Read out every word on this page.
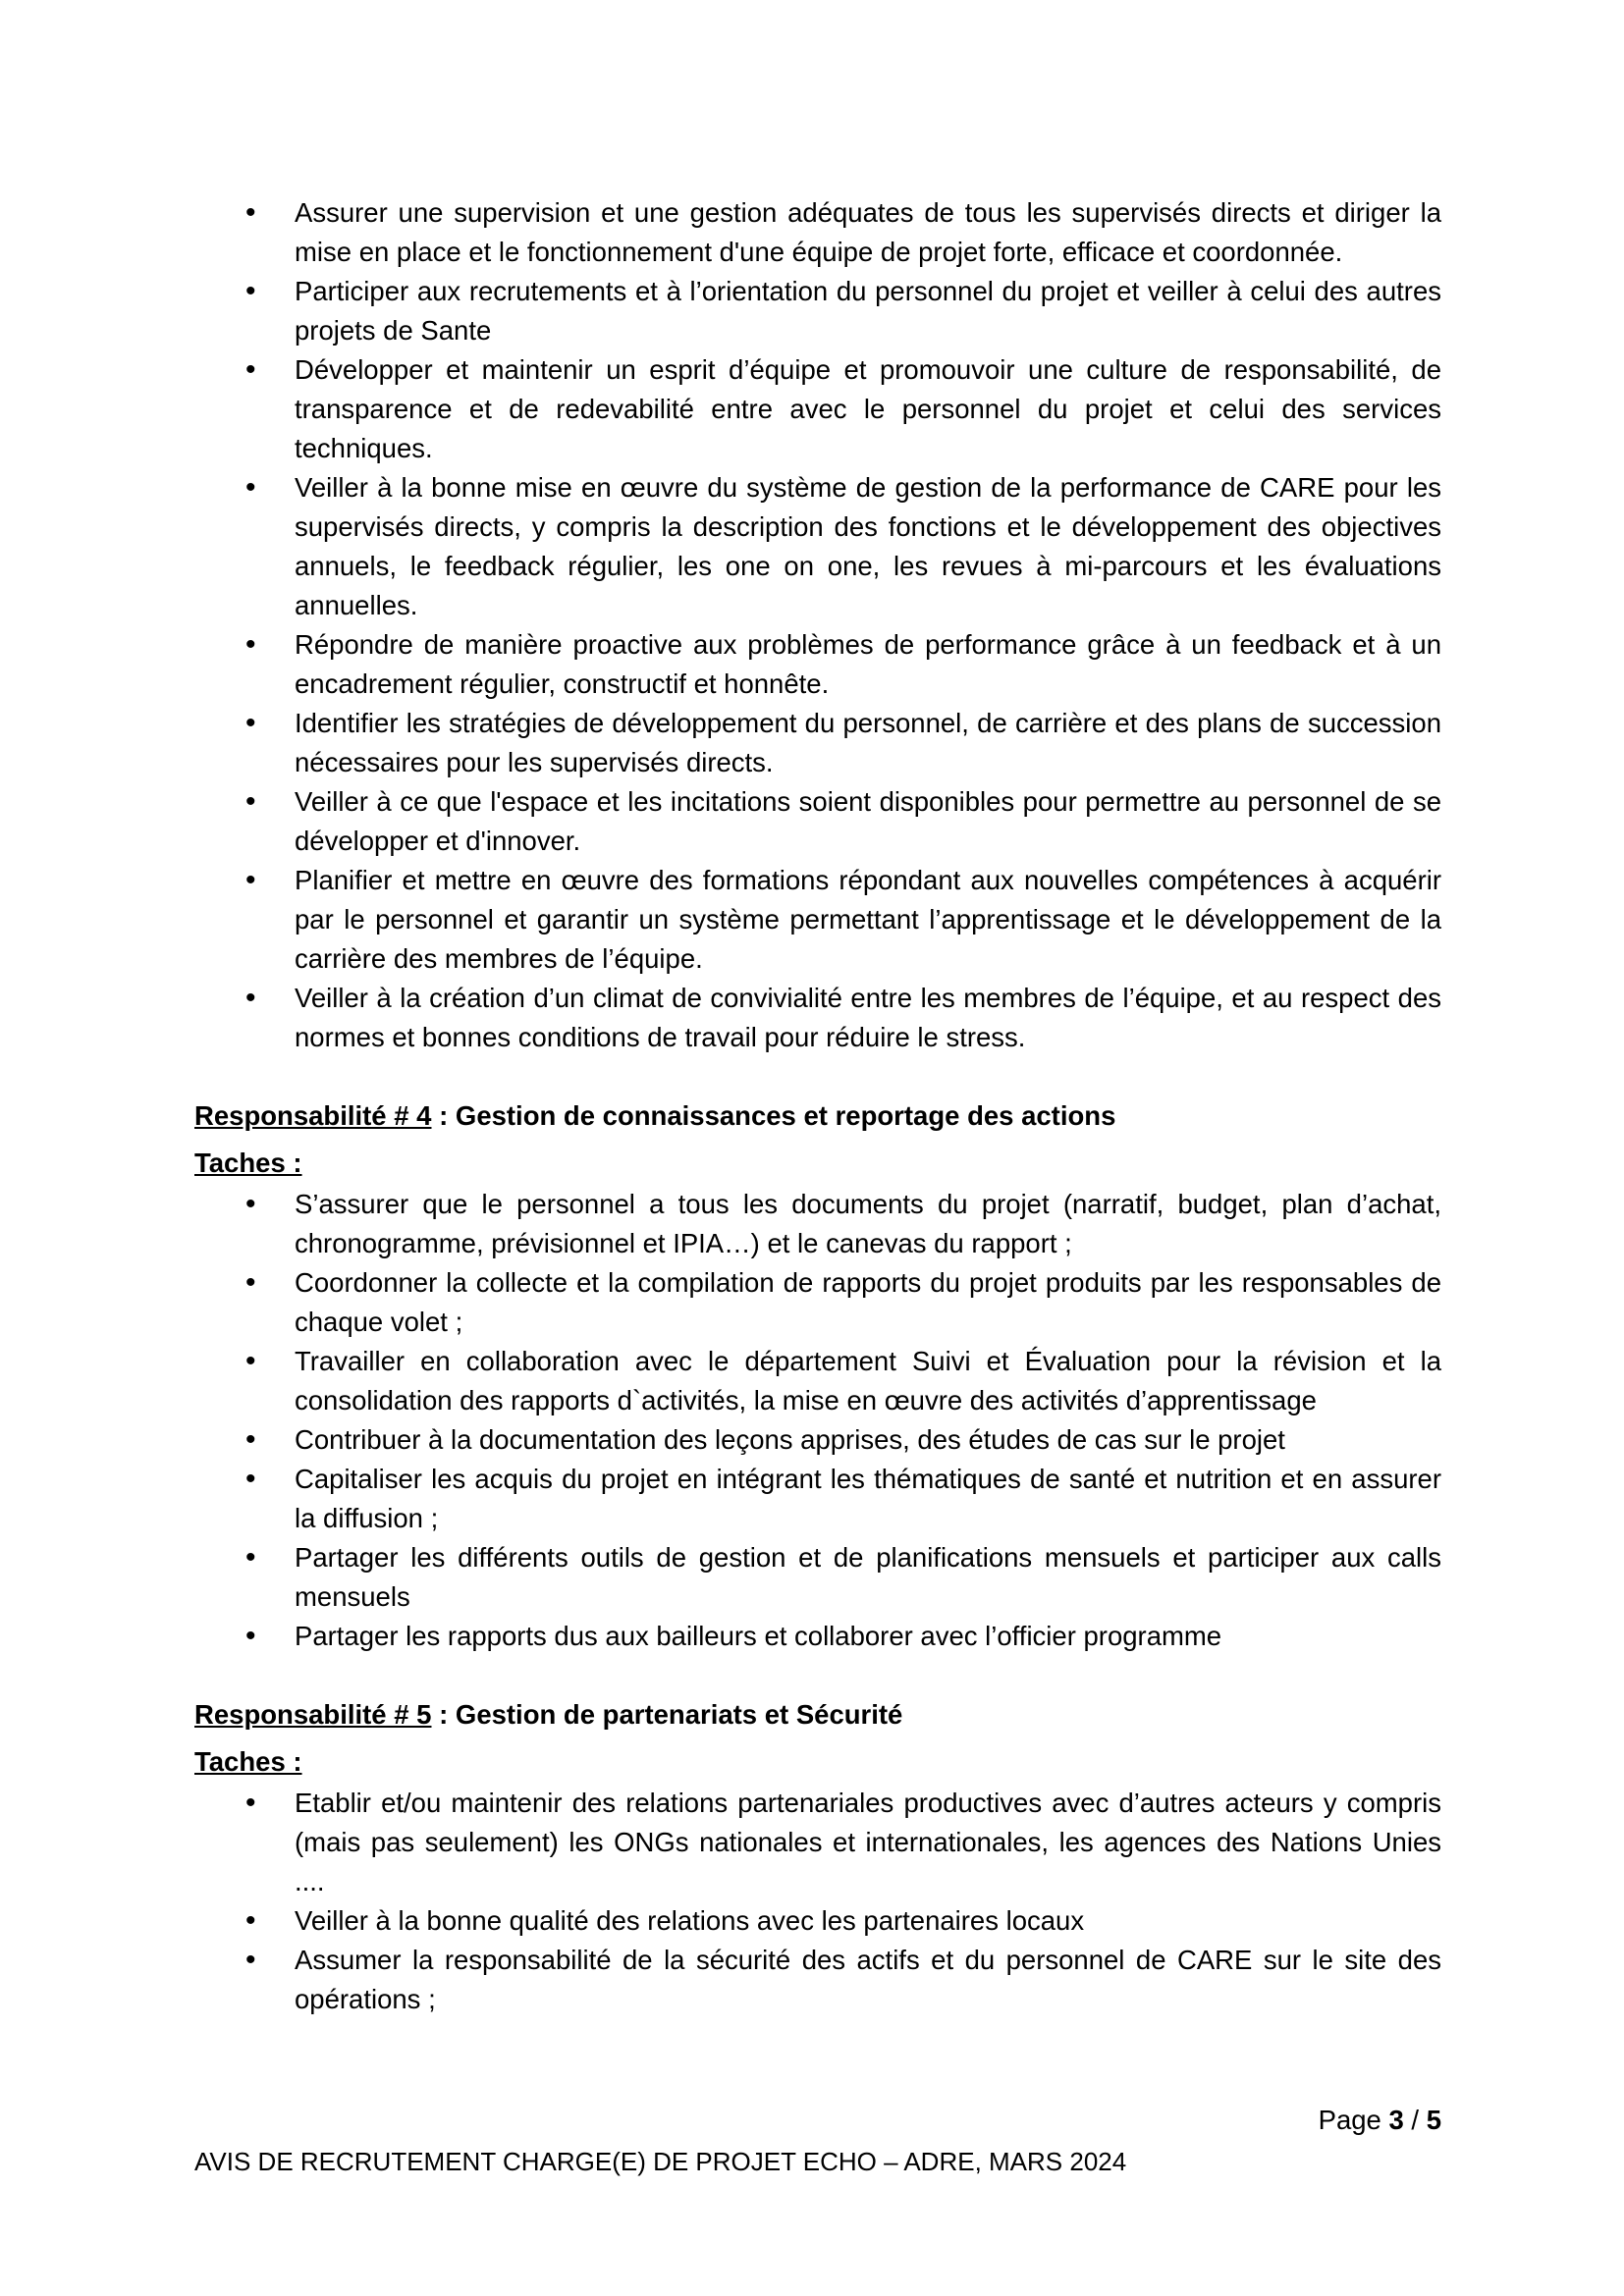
• Assurer une supervision et une gestion adéquates de tous les supervisés directs et diriger la mise en place et le fonctionnement d'une équipe de projet forte, efficace et coordonnée.
• Participer aux recrutements et à l’orientation du personnel du projet et veiller à celui des autres projets de Sante
• Développer et maintenir un esprit d’équipe et promouvoir une culture de responsabilité, de transparence et de redevabilité entre avec le personnel du projet et celui des services techniques.
• Veiller à la bonne mise en œuvre du système de gestion de la performance de CARE pour les supervisés directs, y compris la description des fonctions et le développement des objectives annuels, le feedback régulier, les one on one, les revues à mi-parcours et les évaluations annuelles.
• Répondre de manière proactive aux problèmes de performance grâce à un feedback et à un encadrement régulier, constructif et honnête.
• Identifier les stratégies de développement du personnel, de carrière et des plans de succession nécessaires pour les supervisés directs.
• Veiller à ce que l'espace et les incitations soient disponibles pour permettre au personnel de se développer et d'innover.
• Planifier et mettre en œuvre des formations répondant aux nouvelles compétences à acquérir par le personnel et garantir un système permettant l’apprentissage et le développement de la carrière des membres de l’équipe.
• Veiller à la création d’un climat de convivialité entre les membres de l’équipe, et au respect des normes et bonnes conditions de travail pour réduire le stress.

Responsabilité # 4 : Gestion de connaissances et reportage des actions

Taches :

• S’assurer que le personnel a tous les documents du projet (narratif, budget, plan d’achat, chronogramme, prévisionnel et IPIA…) et le canevas du rapport ;
• Coordonner la collecte et la compilation de rapports du projet produits par les responsables de chaque volet ;
• Travailler en collaboration avec le département Suivi et Évaluation pour la révision et la consolidation des rapports d`activités, la mise en œuvre des activités d’apprentissage
• Contribuer à la documentation des leçons apprises, des études de cas sur le projet
• Capitaliser les acquis du projet en intégrant les thématiques de santé et nutrition et en assurer la diffusion ;
• Partager les différents outils de gestion et de planifications mensuels et participer aux calls mensuels
• Partager les rapports dus aux bailleurs et collaborer avec l’officier programme

Responsabilité # 5 : Gestion de partenariats et Sécurité

Taches :

• Etablir et/ou maintenir des relations partenariales productives avec d’autres acteurs y compris (mais pas seulement) les ONGs nationales et internationales, les agences des Nations Unies ....
• Veiller à la bonne qualité des relations avec les partenaires locaux
• Assumer la responsabilité de la sécurité des actifs et du personnel de CARE sur le site des opérations ;
Page 3 / 5
AVIS DE RECRUTEMENT CHARGE(E) DE PROJET ECHO – ADRE, MARS 2024
